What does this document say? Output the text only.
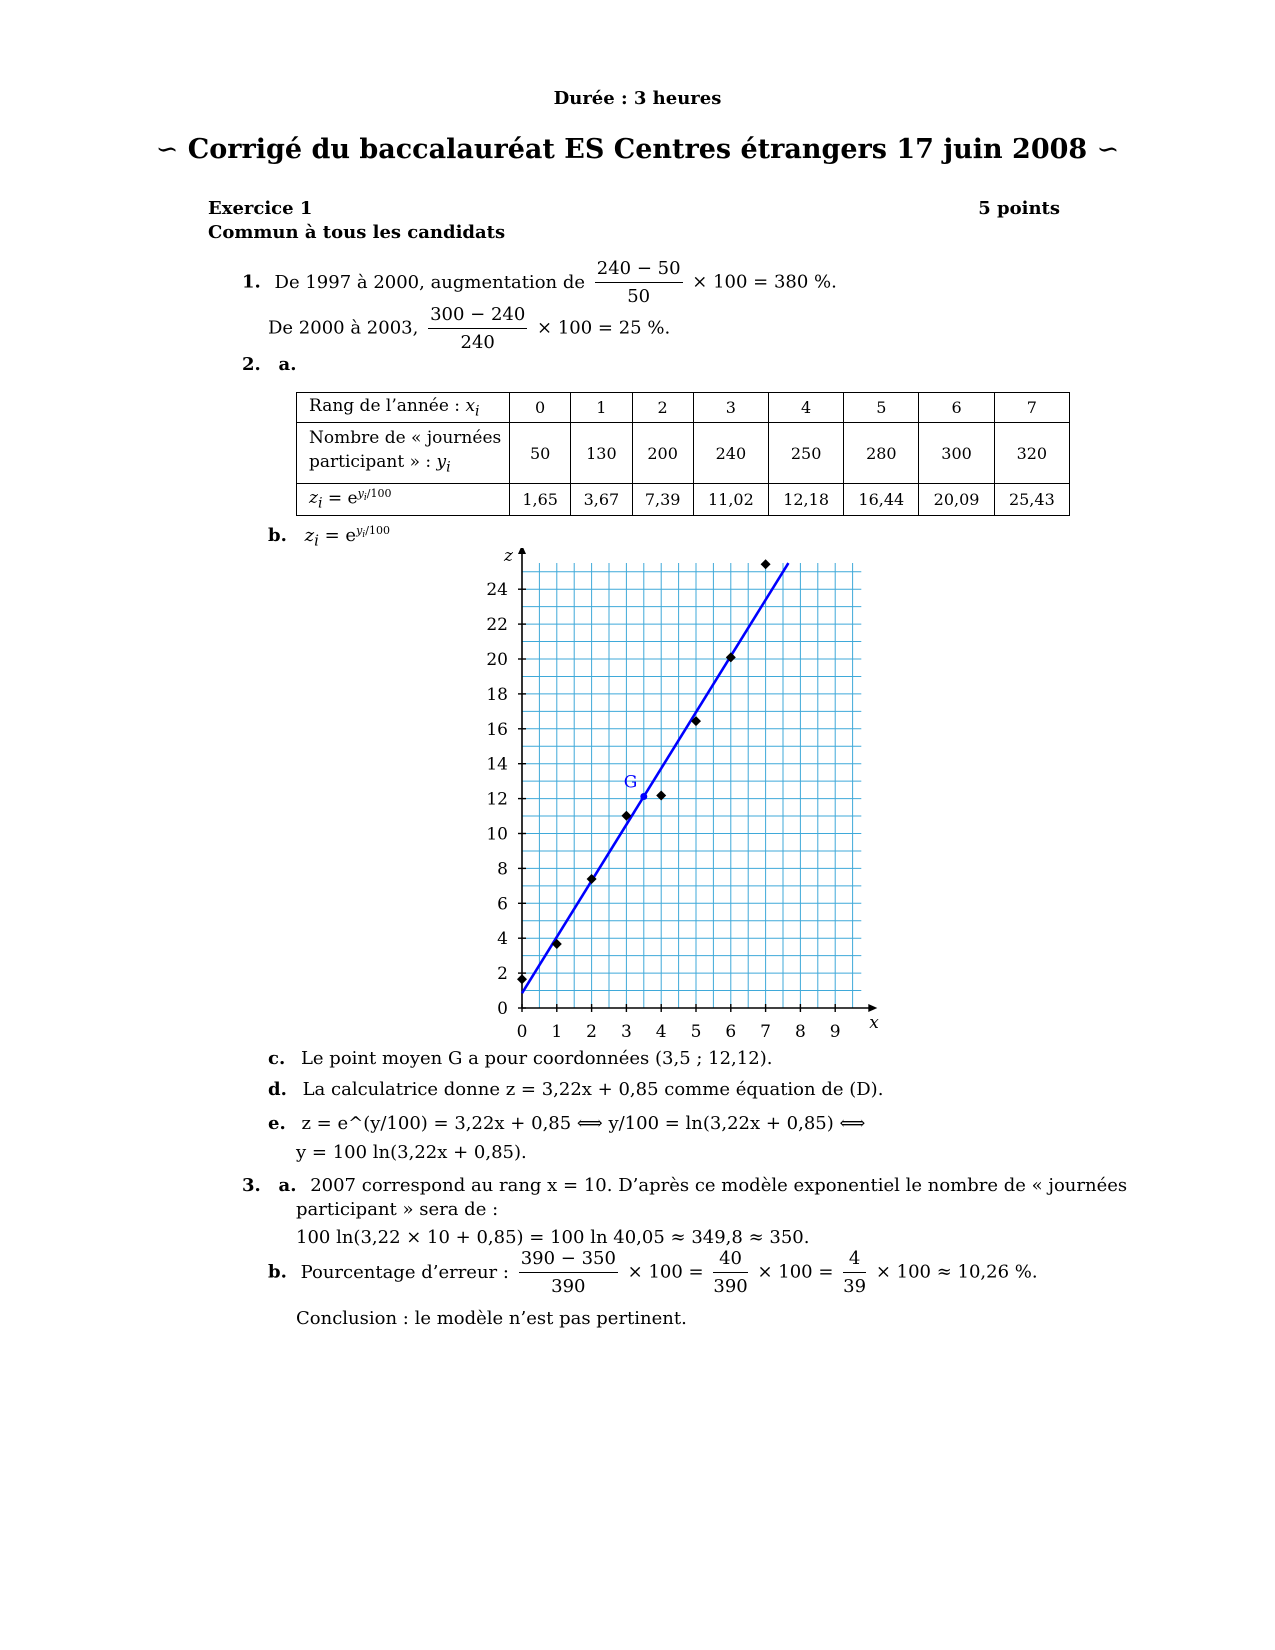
Durée : 3 heures
∽ Corrigé du baccalauréat ES Centres étrangers 17 juin 2008 ∽
Exercice 1	5 points
Commun à tous les candidats
1. De 1997 à 2000, augmentation de $\frac{240 - 50}{50} \times 100 = 380$ %.
De 2000 à 2003, $\frac{300 - 240}{240} \times 100 = 25$ %.
2. a.
Rang de l’année : $x_i$	0	1	2	3	4	5	6	7
Nombre de « journées participant » : $y_i$	50	130	200	240	250	280	300	320
$z_i = e^{y_i/100}$	1,65	3,67	7,39	11,02	12,18	16,44	20,09	25,43
b. $z_i = e^{y_i/100}$
0 1 2 3 4 5 6 7 8 9
0
2
4
6
8
10
12
14
16
18
20
22
24
x
z
G
c. Le point moyen G a pour coordonnées (3,5 ; 12,12).
d. La calculatrice donne z = 3,22x + 0,85 comme équation de (D).
e. z = e^(y/100) = 3,22x + 0,85 ⟺ y/100 = ln(3,22x + 0,85) ⟺
y = 100 ln(3,22x + 0,85).
3. a. 2007 correspond au rang x = 10. D’après ce modèle exponentiel le nombre de « journées
participant » sera de :
100 ln(3,22 × 10 + 0,85) = 100 ln 40,05 ≈ 349,8 ≈ 350.
b. Pourcentage d’erreur : $\frac{390 - 350}{390} \times 100 = \frac{40}{390} \times 100 = \frac{4}{39} \times 100 \approx 10,26$ %.
Conclusion : le modèle n’est pas pertinent.
